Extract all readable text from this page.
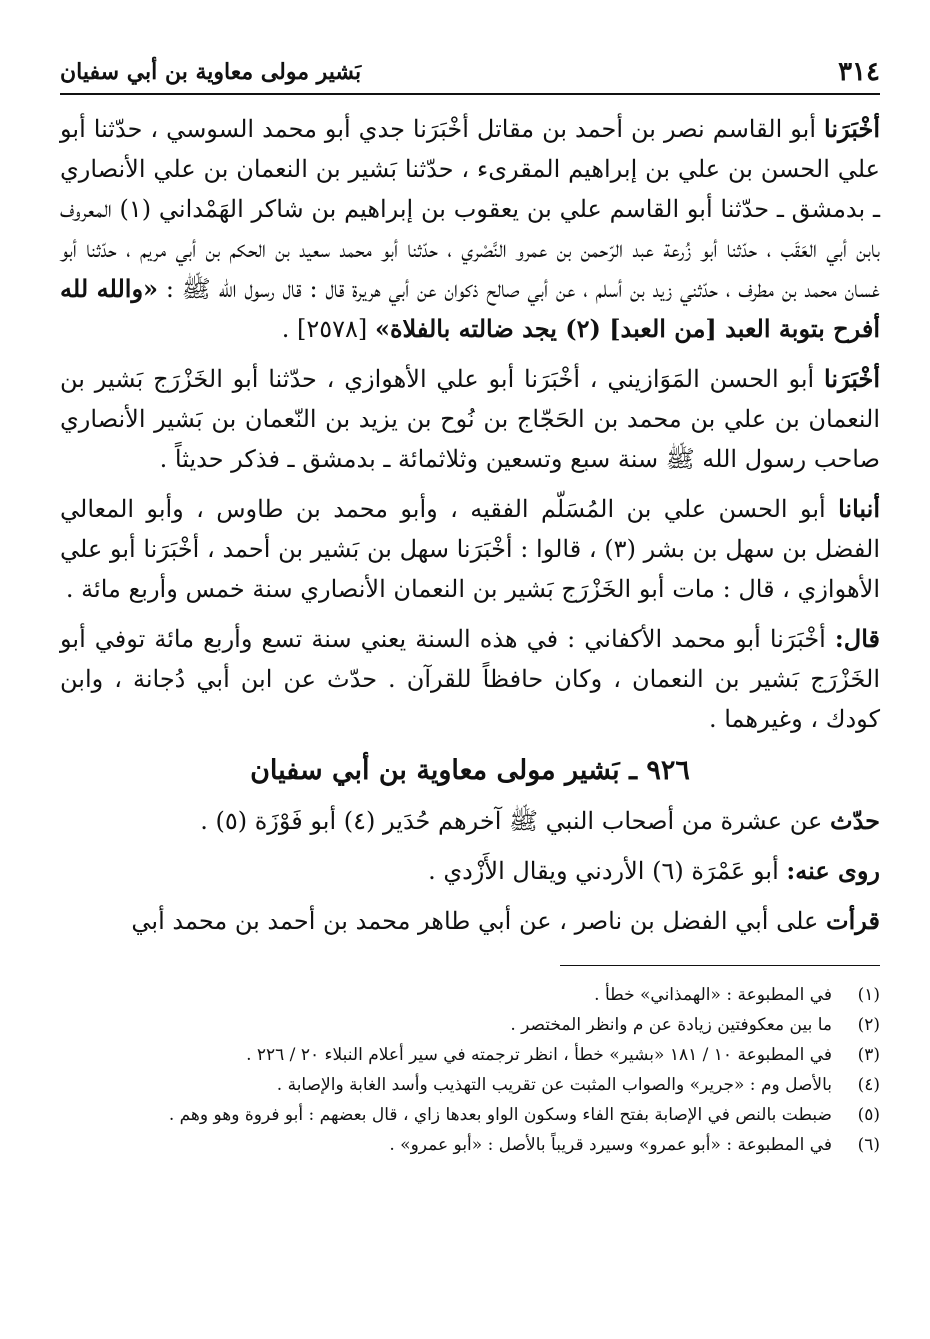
٣١٤
بَشير مولى معاوية بن أبي سفيان

أخْبَرَنا أبو القاسم نصر بن أحمد بن مقاتل أخْبَرَنا جدي أبو محمد السوسي ، حدّثنا أبو علي الحسن بن علي بن إبراهيم المقرىء ، حدّثنا بَشير بن النعمان بن علي الأنصاري ـ بدمشق ـ حدّثنا أبو القاسم علي بن يعقوب بن إبراهيم بن شاكر الهَمْداني (١) المعروف بابن أبي العَقَب ، حدّثنا أبو زُرعة عبد الرّحمن بن عمرو النَّصْري ، حدّثنا أبو محمد سعيد بن الحكم بن أبي مريم ، حدّثنا أبو غسان محمد بن مطرف ، حدّثني زيد بن أسلم ، عن أبي صالح ذكوان عن أبي هريرة قال : قال رسول الله ﷺ : «والله لله أفرح بتوبة العبد [من العبد] (٢) يجد ضالته بالفلاة» [٢٥٧٨] .

أخْبَرَنا أبو الحسن المَوَازيني ، أخْبَرَنا أبو علي الأهوازي ، حدّثنا أبو الخَزْرَج بَشير بن النعمان بن علي بن محمد بن الحَجّاج بن نُوح بن يزيد بن النّعمان بن بَشير الأنصاري صاحب رسول الله ﷺ سنة سبع وتسعين وثلاثمائة ـ بدمشق ـ فذكر حديثاً .

أنبانا أبو الحسن علي بن المُسَلّم الفقيه ، وأبو محمد بن طاوس ، وأبو المعالي الفضل بن سهل بن بشر (٣) ، قالوا : أخْبَرَنا سهل بن بَشير بن أحمد ، أخْبَرَنا أبو علي الأهوازي ، قال : مات أبو الخَزْرَج بَشير بن النعمان الأنصاري سنة خمس وأربع مائة .

قال: أخْبَرَنا أبو محمد الأكفاني : في هذه السنة يعني سنة تسع وأربع مائة توفي أبو الخَزْرَج بَشير بن النعمان ، وكان حافظاً للقرآن . حدّث عن ابن أبي دُجانة ، وابن كودك ، وغيرهما .

٩٢٦ ـ بَشير مولى معاوية بن أبي سفيان

حدّث عن عشرة من أصحاب النبي ﷺ آخرهم حُدَير (٤) أبو فَوْزَة (٥) .

روى عنه: أبو عَمْرَة (٦) الأردني ويقال الأَزْدي .

قرأت على أبي الفضل بن ناصر ، عن أبي طاهر محمد بن أحمد بن محمد أبي

(١)
في المطبوعة : «الهمذاني» خطأ .
(٢)
ما بين معكوفتين زيادة عن م وانظر المختصر .
(٣)
في المطبوعة ١٠ / ١٨١ «بشير» خطأ ، انظر ترجمته في سير أعلام النبلاء ٢٠ / ٢٢٦ .
(٤)
بالأصل وم : «جرير» والصواب المثبت عن تقريب التهذيب وأسد الغابة والإصابة .
(٥)
ضبطت بالنص في الإصابة بفتح الفاء وسكون الواو بعدها زاي ، قال بعضهم : أبو فروة وهو وهم .
(٦)
في المطبوعة : «أبو عمرو» وسيرد قريباً بالأصل : «أبو عمرو» .
